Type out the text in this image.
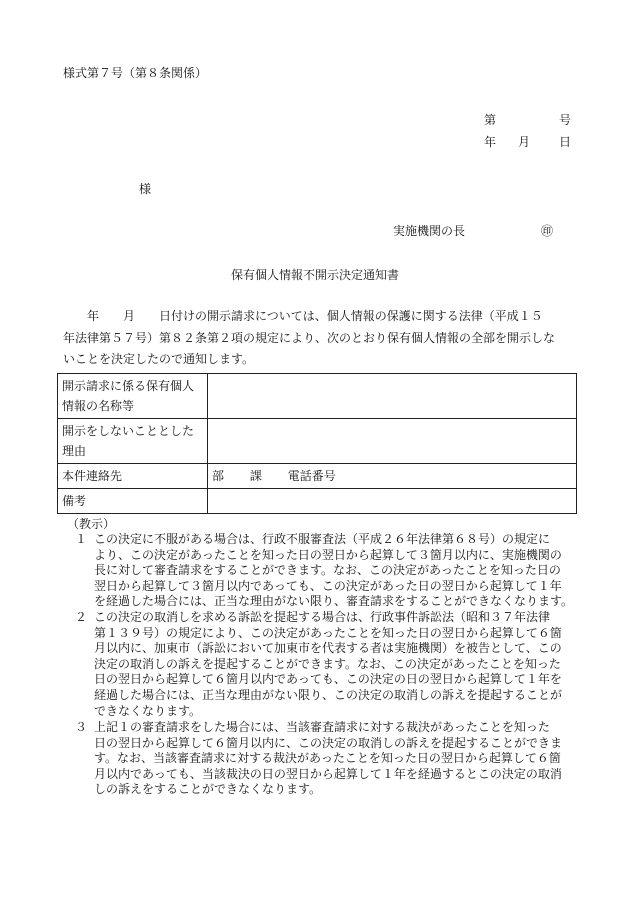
様式第７号（第８条関係）
第	号
年 月 日
様
実施機関の長	㊞
保有個人情報不開示決定通知書
　　年　　月　　日付けの開示請求については、個人情報の保護に関する法律（平成１５
年法律第５７号）第８２条第２項の規定により、次のとおり保有個人情報の全部を開示しな
いことを決定したので通知します。
開示請求に係る保有個人
情報の名称等	

開示をしないこととした
理由	

本件連絡先	部 課 電話番号
備考	
（教示）
１ この決定に不服がある場合は、行政不服審査法（平成２６年法律第６８号）の規定に
より、この決定があったことを知った日の翌日から起算して３箇月以内に、実施機関の
長に対して審査請求をすることができます。なお、この決定があったことを知った日の
翌日から起算して３箇月以内であっても、この決定があった日の翌日から起算して１年
を経過した場合には、正当な理由がない限り、審査請求をすることができなくなります。
２ この決定の取消しを求める訴訟を提起する場合は、行政事件訴訟法（昭和３７年法律
第１３９号）の規定により、この決定があったことを知った日の翌日から起算して６箇
月以内に、加東市（訴訟において加東市を代表する者は実施機関）を被告として、この
決定の取消しの訴えを提起することができます。なお、この決定があったことを知った
日の翌日から起算して６箇月以内であっても、この決定の日の翌日から起算して１年を
経過した場合には、正当な理由がない限り、この決定の取消しの訴えを提起することが
できなくなります。
３ 上記１の審査請求をした場合には、当該審査請求に対する裁決があったことを知った
日の翌日から起算して６箇月以内に、この決定の取消しの訴えを提起することができま
す。なお、当該審査請求に対する裁決があったことを知った日の翌日から起算して６箇
月以内であっても、当該裁決の日の翌日から起算して１年を経過するとこの決定の取消
しの訴えをすることができなくなります。
